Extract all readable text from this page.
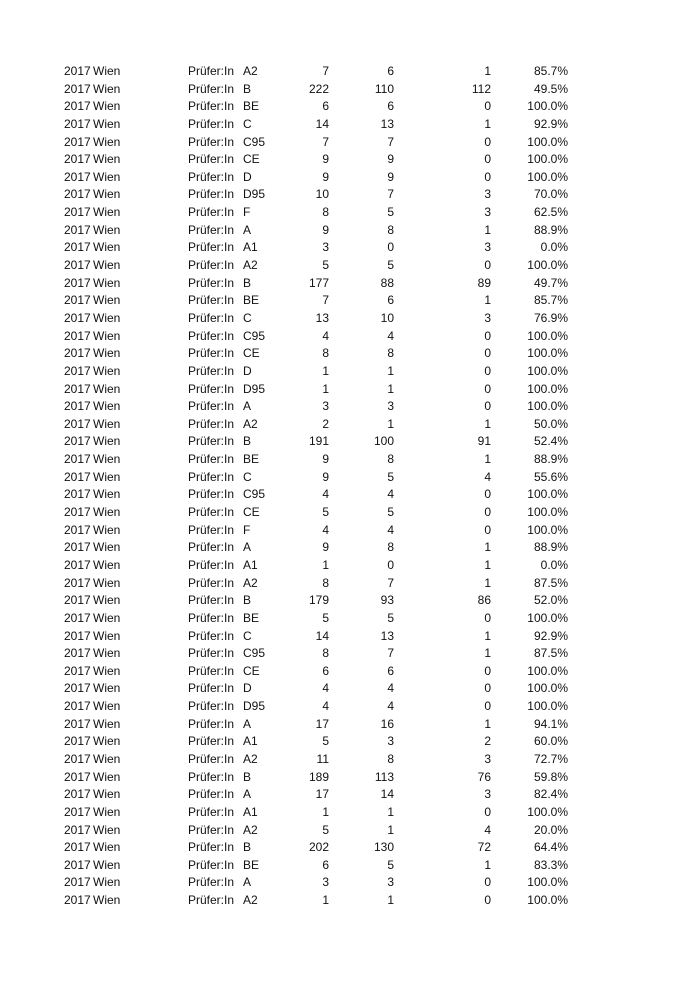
2017 Wien	Prüfer:In A2	7	6	1	85.7%
2017 Wien	Prüfer:In B	222	110	112	49.5%
2017 Wien	Prüfer:In BE	6	6	0	100.0%
2017 Wien	Prüfer:In C	14	13	1	92.9%
2017 Wien	Prüfer:In C95	7	7	0	100.0%
2017 Wien	Prüfer:In CE	9	9	0	100.0%
2017 Wien	Prüfer:In D	9	9	0	100.0%
2017 Wien	Prüfer:In D95	10	7	3	70.0%
2017 Wien	Prüfer:In F	8	5	3	62.5%
2017 Wien	Prüfer:In A	9	8	1	88.9%
2017 Wien	Prüfer:In A1	3	0	3	0.0%
2017 Wien	Prüfer:In A2	5	5	0	100.0%
2017 Wien	Prüfer:In B	177	88	89	49.7%
2017 Wien	Prüfer:In BE	7	6	1	85.7%
2017 Wien	Prüfer:In C	13	10	3	76.9%
2017 Wien	Prüfer:In C95	4	4	0	100.0%
2017 Wien	Prüfer:In CE	8	8	0	100.0%
2017 Wien	Prüfer:In D	1	1	0	100.0%
2017 Wien	Prüfer:In D95	1	1	0	100.0%
2017 Wien	Prüfer:In A	3	3	0	100.0%
2017 Wien	Prüfer:In A2	2	1	1	50.0%
2017 Wien	Prüfer:In B	191	100	91	52.4%
2017 Wien	Prüfer:In BE	9	8	1	88.9%
2017 Wien	Prüfer:In C	9	5	4	55.6%
2017 Wien	Prüfer:In C95	4	4	0	100.0%
2017 Wien	Prüfer:In CE	5	5	0	100.0%
2017 Wien	Prüfer:In F	4	4	0	100.0%
2017 Wien	Prüfer:In A	9	8	1	88.9%
2017 Wien	Prüfer:In A1	1	0	1	0.0%
2017 Wien	Prüfer:In A2	8	7	1	87.5%
2017 Wien	Prüfer:In B	179	93	86	52.0%
2017 Wien	Prüfer:In BE	5	5	0	100.0%
2017 Wien	Prüfer:In C	14	13	1	92.9%
2017 Wien	Prüfer:In C95	8	7	1	87.5%
2017 Wien	Prüfer:In CE	6	6	0	100.0%
2017 Wien	Prüfer:In D	4	4	0	100.0%
2017 Wien	Prüfer:In D95	4	4	0	100.0%
2017 Wien	Prüfer:In A	17	16	1	94.1%
2017 Wien	Prüfer:In A1	5	3	2	60.0%
2017 Wien	Prüfer:In A2	11	8	3	72.7%
2017 Wien	Prüfer:In B	189	113	76	59.8%
2017 Wien	Prüfer:In A	17	14	3	82.4%
2017 Wien	Prüfer:In A1	1	1	0	100.0%
2017 Wien	Prüfer:In A2	5	1	4	20.0%
2017 Wien	Prüfer:In B	202	130	72	64.4%
2017 Wien	Prüfer:In BE	6	5	1	83.3%
2017 Wien	Prüfer:In A	3	3	0	100.0%
2017 Wien	Prüfer:In A2	1	1	0	100.0%
